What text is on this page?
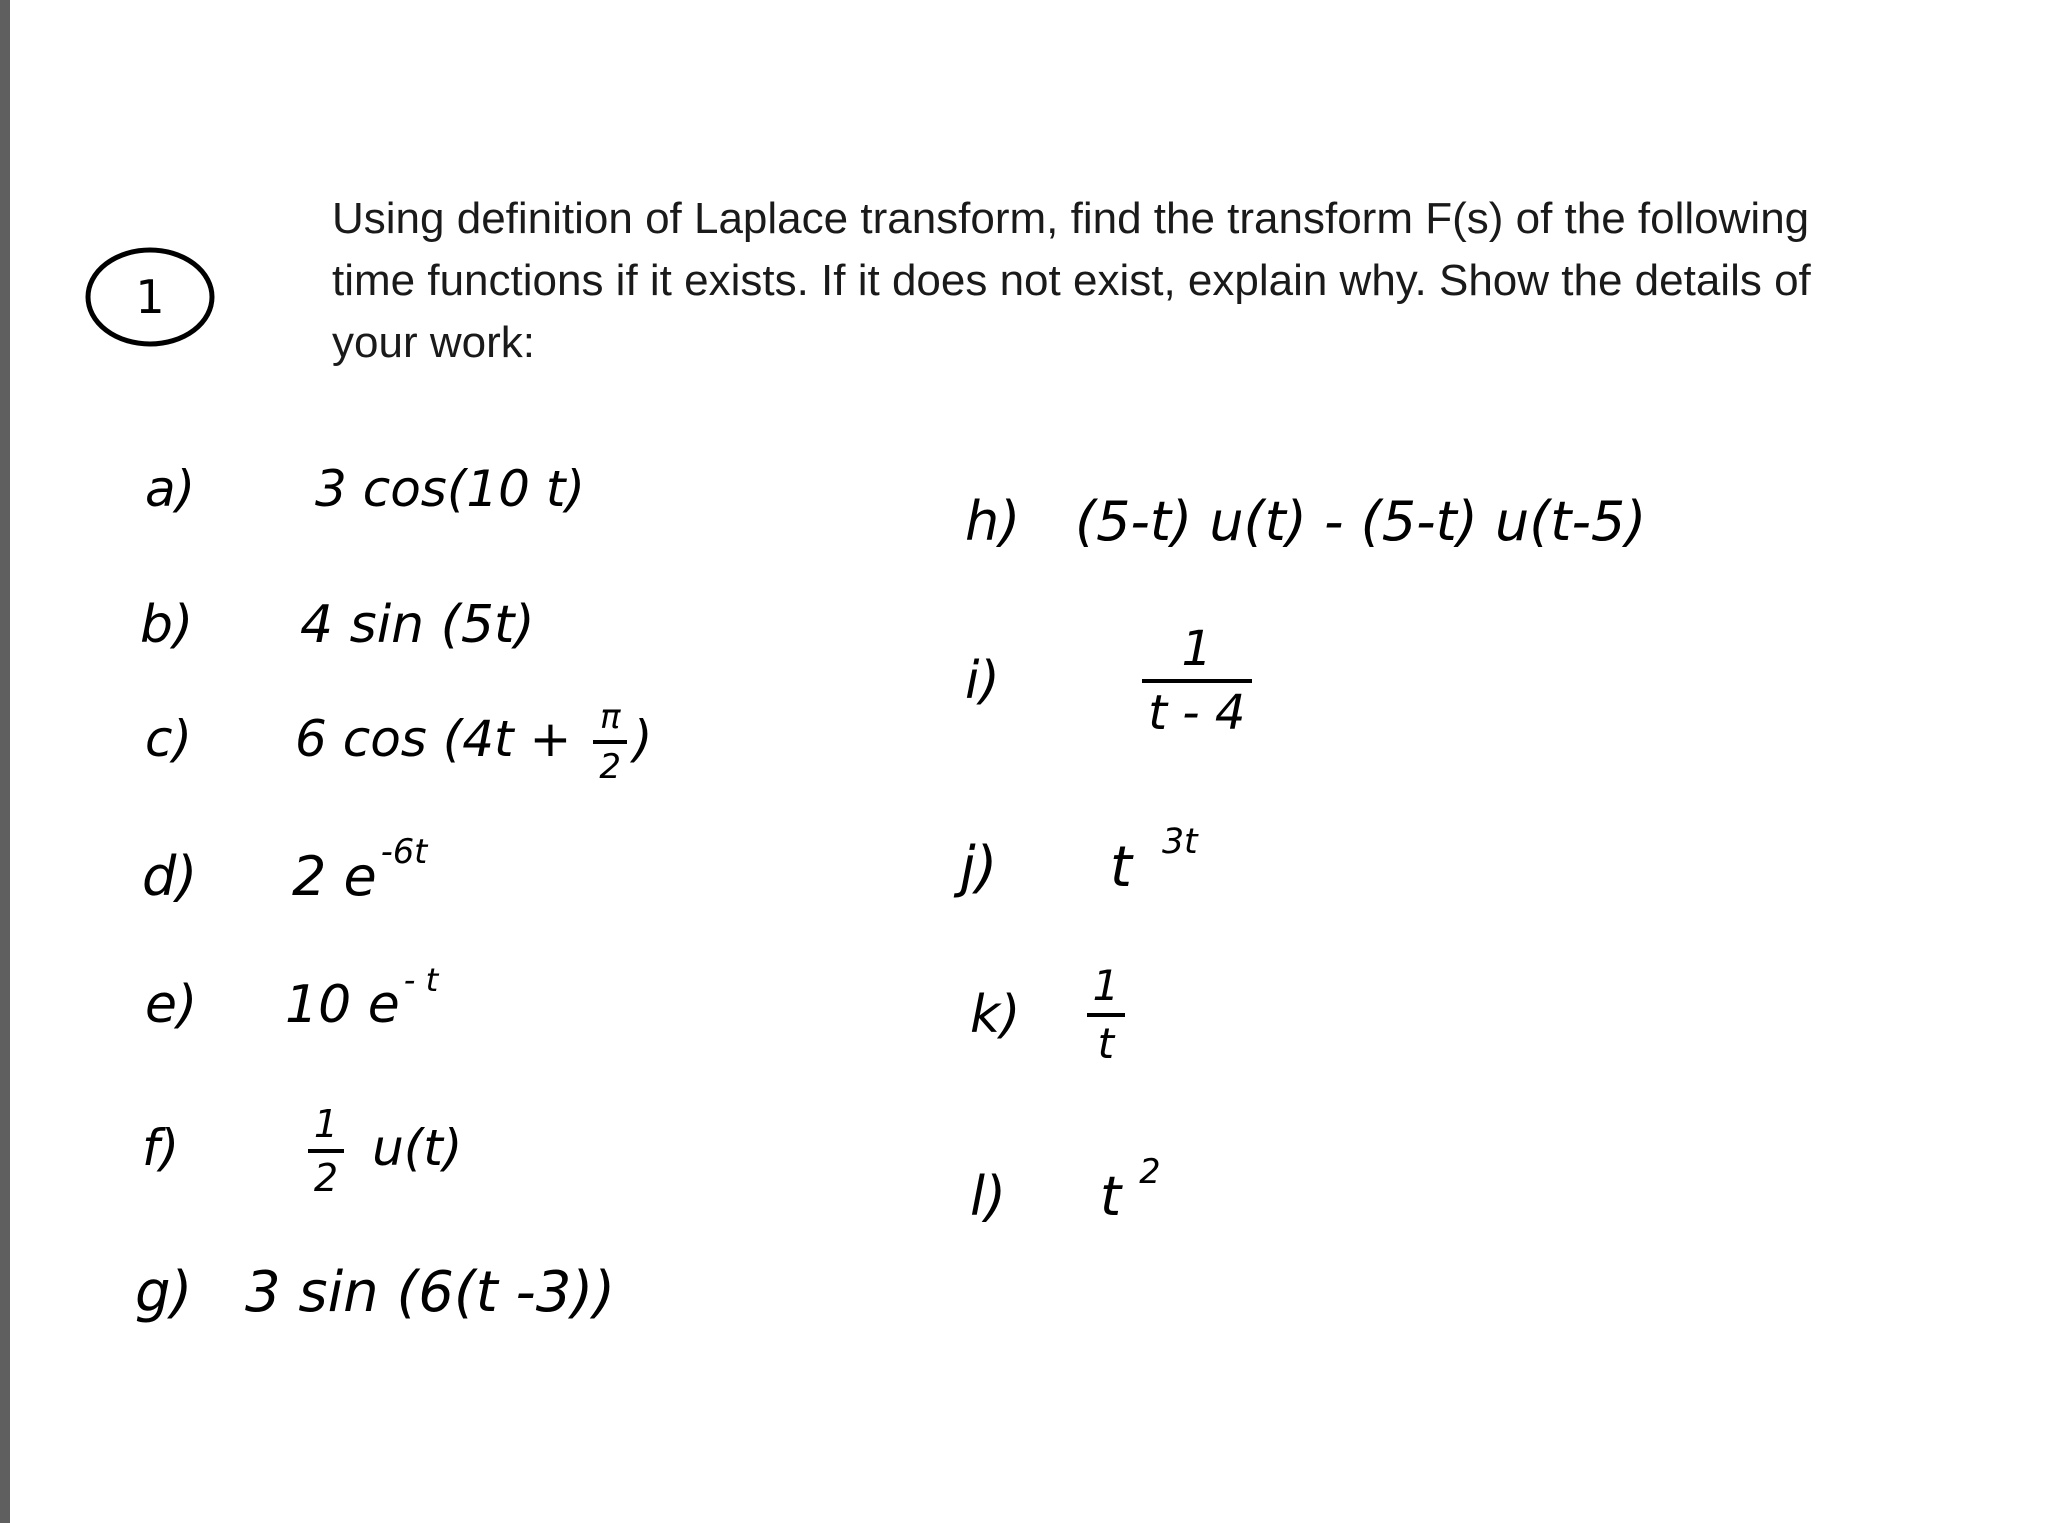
1
Using definition of Laplace transform, find the transform F(s) of the following
time functions if it exists. If it does not exist, explain why. Show the details of
your work:
a) 3 cos(10 t)
b) 4 sin (5t)
c) 6 $\cos (4t + \frac{\pi}{2}$ )
d) 2 e $^{-6t}$
e) 10 e $^{- t}$
f)	$\frac{1}{2} u(t)$
g) 3 sin (6(t -3))
h) (5-t) u(t) - (5-t) u(t-5)
i)	$\frac{1}{t - 4}$
j) t $^{3t}$
$k) \frac{1}{t}$
l) t $^2$
